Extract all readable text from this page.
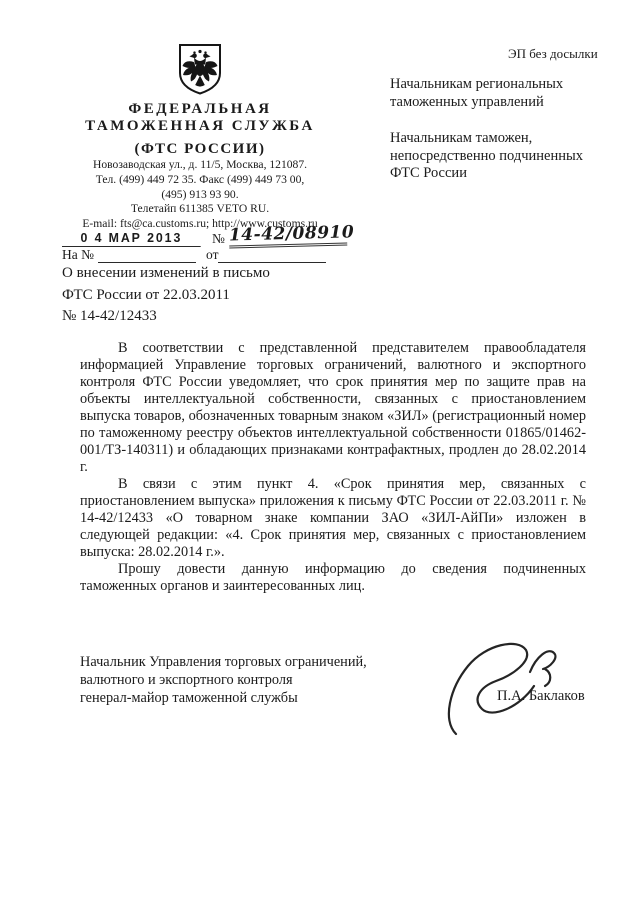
ЭП без досылки
Начальникам региональных
таможенных управлений
Начальникам таможен,
непосредственно подчиненных
ФТС России
ФЕДЕРАЛЬНАЯ
ТАМОЖЕННАЯ СЛУЖБА
(ФТС РОССИИ)
Новозаводская ул., д. 11/5, Москва, 121087.
Тел. (499) 449 72 35. Факс (499) 449 73 00,
(495) 913 93 90.
Телетайп 611385 VETO RU.
E-mail: fts@ca.customs.ru; http://www.customs.ru
0 4 МАР 2013 № 14-42/08910
На №	от
О внесении изменений в письмо
ФТС России от 22.03.2011
№ 14-42/12433

В соответствии с представленной представителем правообладателя информацией Управление торговых ограничений, валютного и экспортного контроля ФТС России уведомляет, что срок принятия мер по защите прав на объекты интеллектуальной собственности, связанных с приостановлением выпуска товаров, обозначенных товарным знаком «ЗИЛ» (регистрационный номер по таможенному реестру объектов интеллектуальной собственности 01865/01462-001/ТЗ-140311) и обладающих признаками контрафактных, продлен до 28.02.2014 г.

В связи с этим пункт 4. «Срок принятия мер, связанных с приостановлением выпуска» приложения к письму ФТС России от 22.03.2011 г. № 14-42/12433 «О товарном знаке компании ЗАО «ЗИЛ-АйПи» изложен в следующей редакции: «4. Срок принятия мер, связанных с приостановлением выпуска: 28.02.2014 г.».

Прошу довести данную информацию до сведения подчиненных таможенных органов и заинтересованных лиц.

Начальник Управления торговых ограничений,
валютного и экспортного контроля
генерал-майор таможенной службы	П.А. Баклаков
